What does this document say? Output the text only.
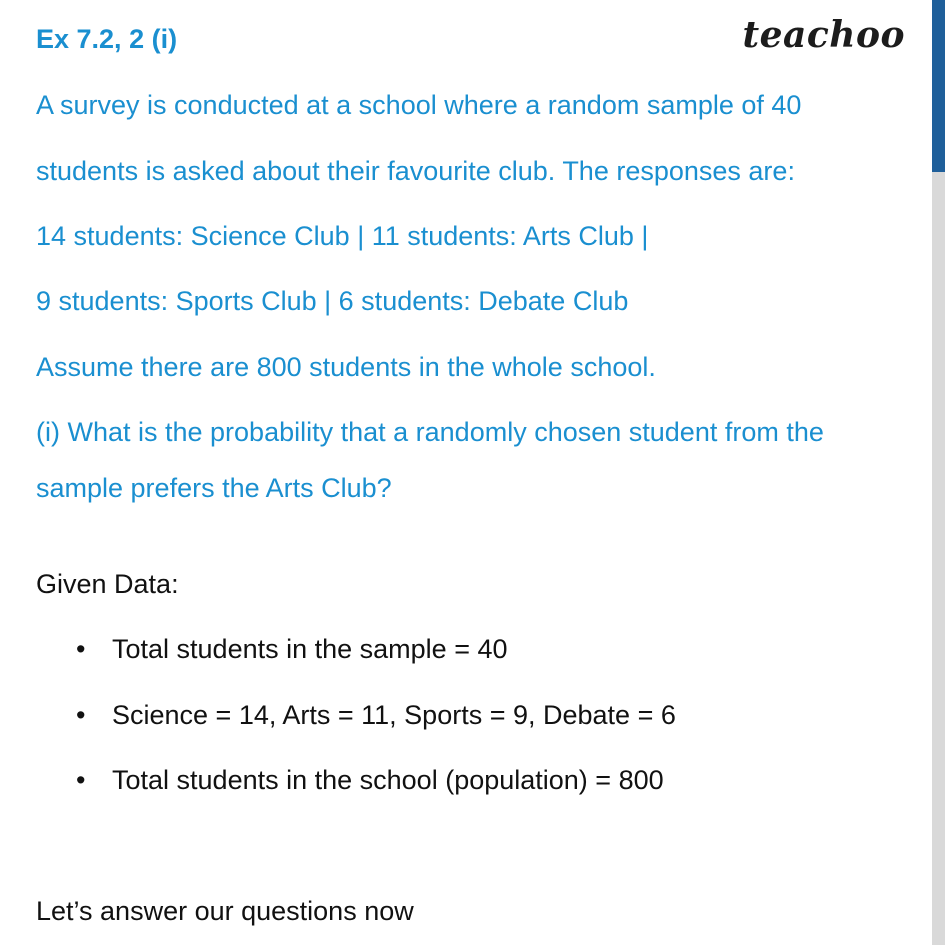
Ex 7.2, 2 (i)	teachoo
A survey is conducted at a school where a random sample of 40
students is asked about their favourite club. The responses are:
14 students: Science Club | 11 students: Arts Club |
9 students: Sports Club | 6 students: Debate Club
Assume there are 800 students in the whole school.
(i) What is the probability that a randomly chosen student from the
sample prefers the Arts Club?
Given Data:
• Total students in the sample = 40
• Science = 14, Arts = 11, Sports = 9, Debate = 6
• Total students in the school (population) = 800
Let’s answer our questions now
